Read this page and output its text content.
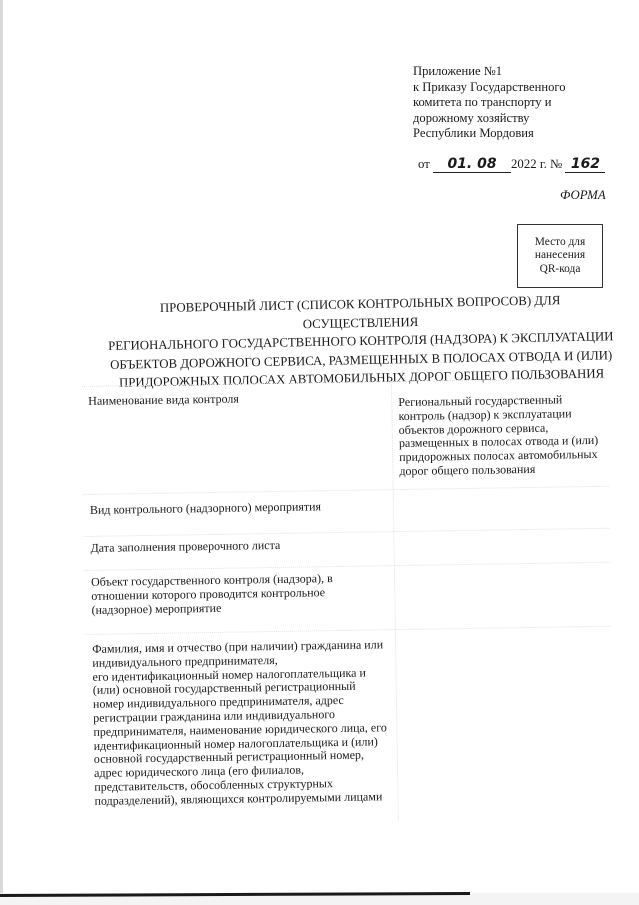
Приложение №1
к Приказу Государственного
комитета по транспорту и
дорожному хозяйству
Республики Мордовия
от 01. 08 2022 г. № 162
ФОРМА
Место для
нанесения
QR-кода
ПРОВЕРОЧНЫЙ ЛИСТ (СПИСОК КОНТРОЛЬНЫХ ВОПРОСОВ) ДЛЯ ОСУЩЕСТВЛЕНИЯ
РЕГИОНАЛЬНОГО ГОСУДАРСТВЕННОГО КОНТРОЛЯ (НАДЗОРА) К ЭКСПЛУАТАЦИИ
ОБЪЕКТОВ ДОРОЖНОГО СЕРВИСА, РАЗМЕЩЕННЫХ В ПОЛОСАХ ОТВОДА И (ИЛИ)
ПРИДОРОЖНЫХ ПОЛОСАХ АВТОМОБИЛЬНЫХ ДОРОГ ОБЩЕГО ПОЛЬЗОВАНИЯ
Наименование вида контроля	Региональный государственный
контроль (надзор) к эксплуатации
объектов дорожного сервиса,
размещенных в полосах отвода и (или)
придорожных полосах автомобильных
дорог общего пользования
Вид контрольного (надзорного) мероприятия
Дата заполнения проверочного листа
Объект государственного контроля (надзора), в
отношении которого проводится контрольное
(надзорное) мероприятие
Фамилия, имя и отчество (при наличии) гражданина или
индивидуального предпринимателя,
его идентификационный номер налогоплательщика и
(или) основной государственный регистрационный
номер индивидуального предпринимателя, адрес
регистрации гражданина или индивидуального
предпринимателя, наименование юридического лица, его
идентификационный номер налогоплательщика и (или)
основной государственный регистрационный номер,
адрес юридического лица (его филиалов,
представительств, обособленных структурных
подразделений), являющихся контролируемыми лицами
